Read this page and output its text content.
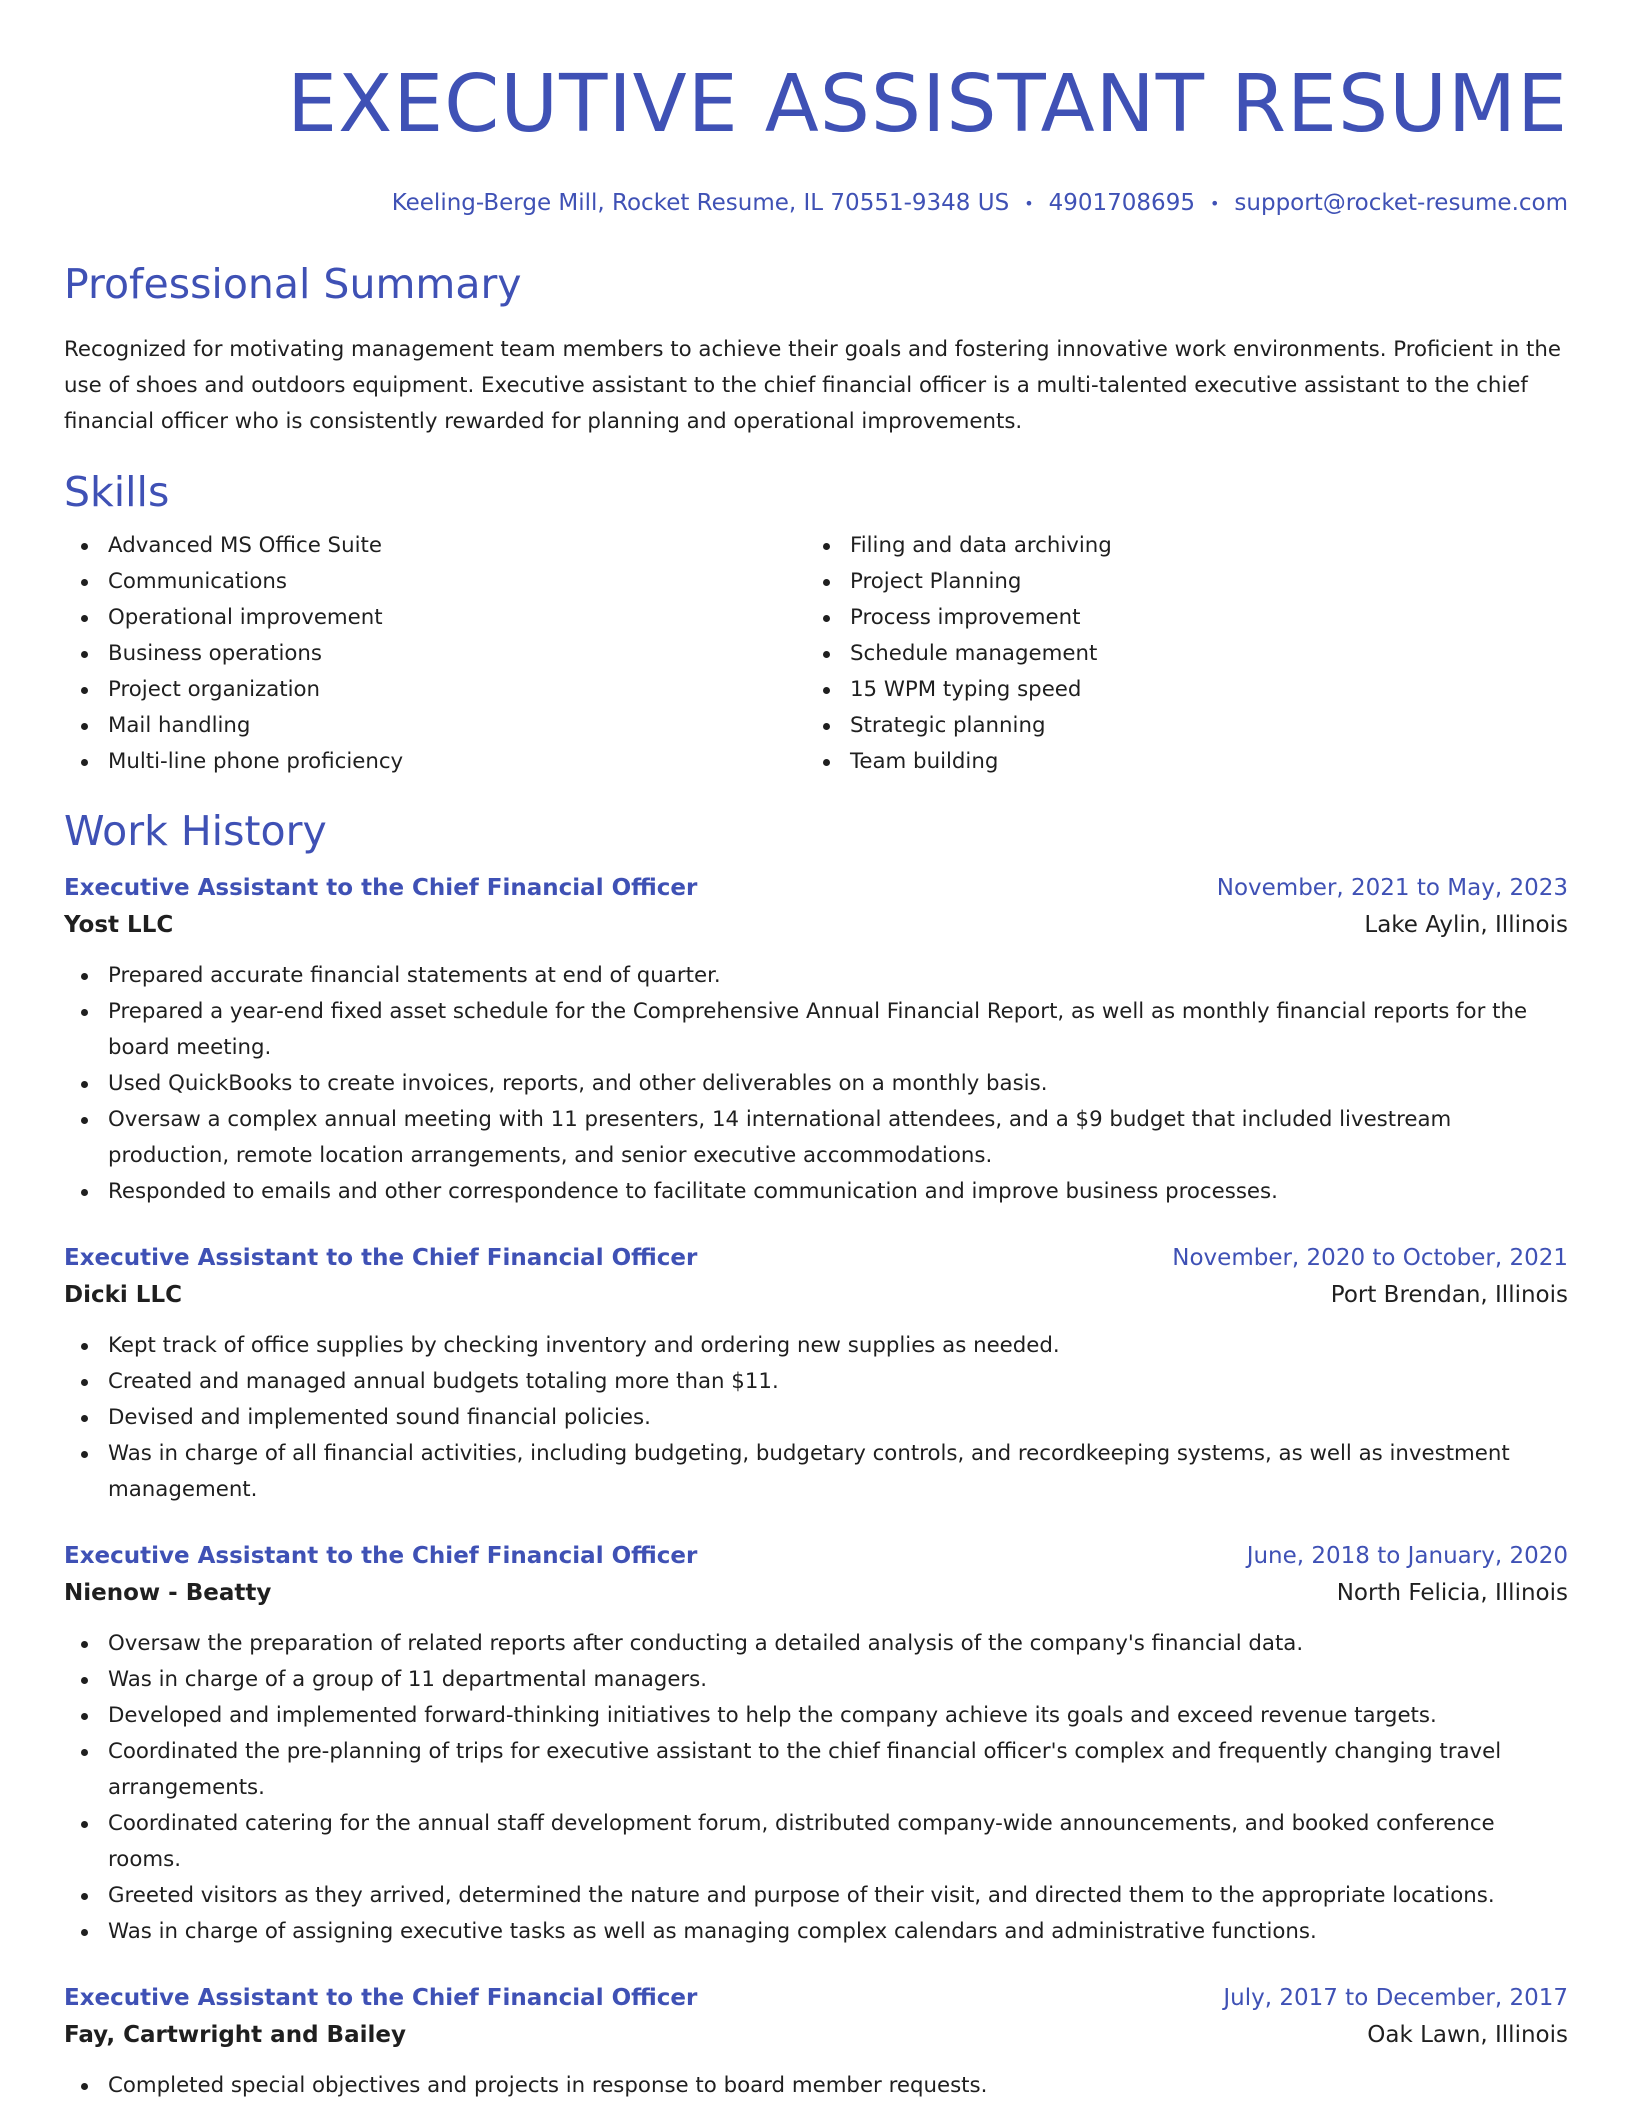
EXECUTIVE ASSISTANT RESUME
Keeling-Berge Mill, Rocket Resume, IL 70551-9348 US • 4901708695 • support@rocket-resume.com
Professional Summary

Recognized for motivating management team members to achieve their goals and fostering innovative work environments. Proficient in the use of shoes and outdoors equipment. Executive assistant to the chief financial officer is a multi-talented executive assistant to the chief financial officer who is consistently rewarded for planning and operational improvements.

Skills
Advanced MS Office Suite
Communications
Operational improvement
Business operations
Project organization
Mail handling
Multi-line phone proficiency
Filing and data archiving
Project Planning
Process improvement
Schedule management
15 WPM typing speed
Strategic planning
Team building
Work History
Executive Assistant to the Chief Financial Officer	November, 2021 to May, 2023
Yost LLC	Lake Aylin, Illinois
Prepared accurate financial statements at end of quarter.
Prepared a year-end fixed asset schedule for the Comprehensive Annual Financial Report, as well as monthly financial reports for the board meeting.
Used QuickBooks to create invoices, reports, and other deliverables on a monthly basis.
Oversaw a complex annual meeting with 11 presenters, 14 international attendees, and a $9 budget that included livestream production, remote location arrangements, and senior executive accommodations.
Responded to emails and other correspondence to facilitate communication and improve business processes.
Executive Assistant to the Chief Financial Officer	November, 2020 to October, 2021
Dicki LLC	Port Brendan, Illinois
Kept track of office supplies by checking inventory and ordering new supplies as needed.
Created and managed annual budgets totaling more than $11.
Devised and implemented sound financial policies.
Was in charge of all financial activities, including budgeting, budgetary controls, and recordkeeping systems, as well as investment management.
Executive Assistant to the Chief Financial Officer	June, 2018 to January, 2020
Nienow - Beatty	North Felicia, Illinois
Oversaw the preparation of related reports after conducting a detailed analysis of the company's financial data.
Was in charge of a group of 11 departmental managers.
Developed and implemented forward-thinking initiatives to help the company achieve its goals and exceed revenue targets.
Coordinated the pre-planning of trips for executive assistant to the chief financial officer's complex and frequently changing travel arrangements.
Coordinated catering for the annual staff development forum, distributed company-wide announcements, and booked conference rooms.
Greeted visitors as they arrived, determined the nature and purpose of their visit, and directed them to the appropriate locations.
Was in charge of assigning executive tasks as well as managing complex calendars and administrative functions.
Executive Assistant to the Chief Financial Officer	July, 2017 to December, 2017
Fay, Cartwright and Bailey	Oak Lawn, Illinois
Completed special objectives and projects in response to board member requests.
